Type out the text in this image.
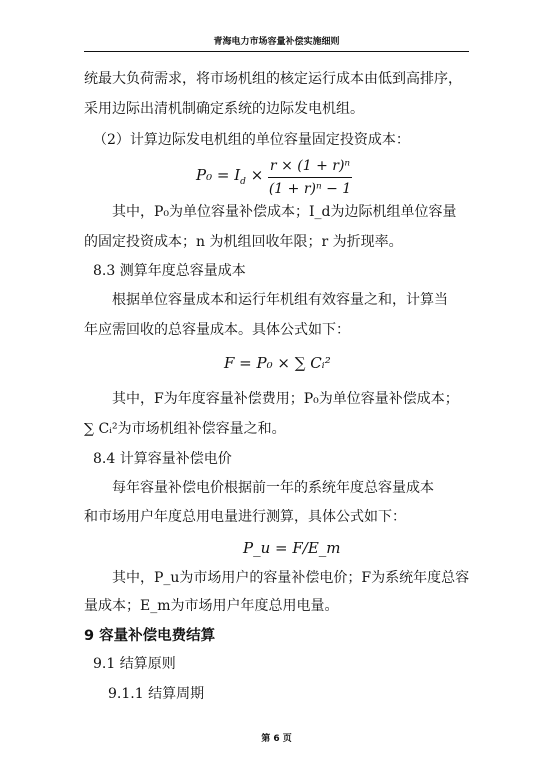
青海电力市场容量补偿实施细则
统最大负荷需求，将市场机组的核定运行成本由低到高排序，
采用边际出清机制确定系统的边际发电机组。
（2）计算边际发电机组的单位容量固定投资成本：
$P_0 = I_d \times r \times (1 + r)^n$
(1 + r)ⁿ − 1
其中，P₀为单位容量补偿成本；I_d为边际机组单位容量
的固定投资成本；n 为机组回收年限；r 为折现率。
8.3 测算年度总容量成本
根据单位容量成本和运行年机组有效容量之和，计算当
年应需回收的总容量成本。具体公式如下：
F = P₀ × ∑ Cᵢ²
其中，F为年度容量补偿费用；P₀为单位容量补偿成本；
∑ Cᵢ²为市场机组补偿容量之和。
8.4 计算容量补偿电价
每年容量补偿电价根据前一年的系统年度总容量成本
和市场用户年度总用电量进行测算，具体公式如下：
P_u = F/E_m
其中，P_u为市场用户的容量补偿电价；F为系统年度总容
量成本；E_m为市场用户年度总用电量。
9 容量补偿电费结算
9.1 结算原则
9.1.1 结算周期
第 6 页
